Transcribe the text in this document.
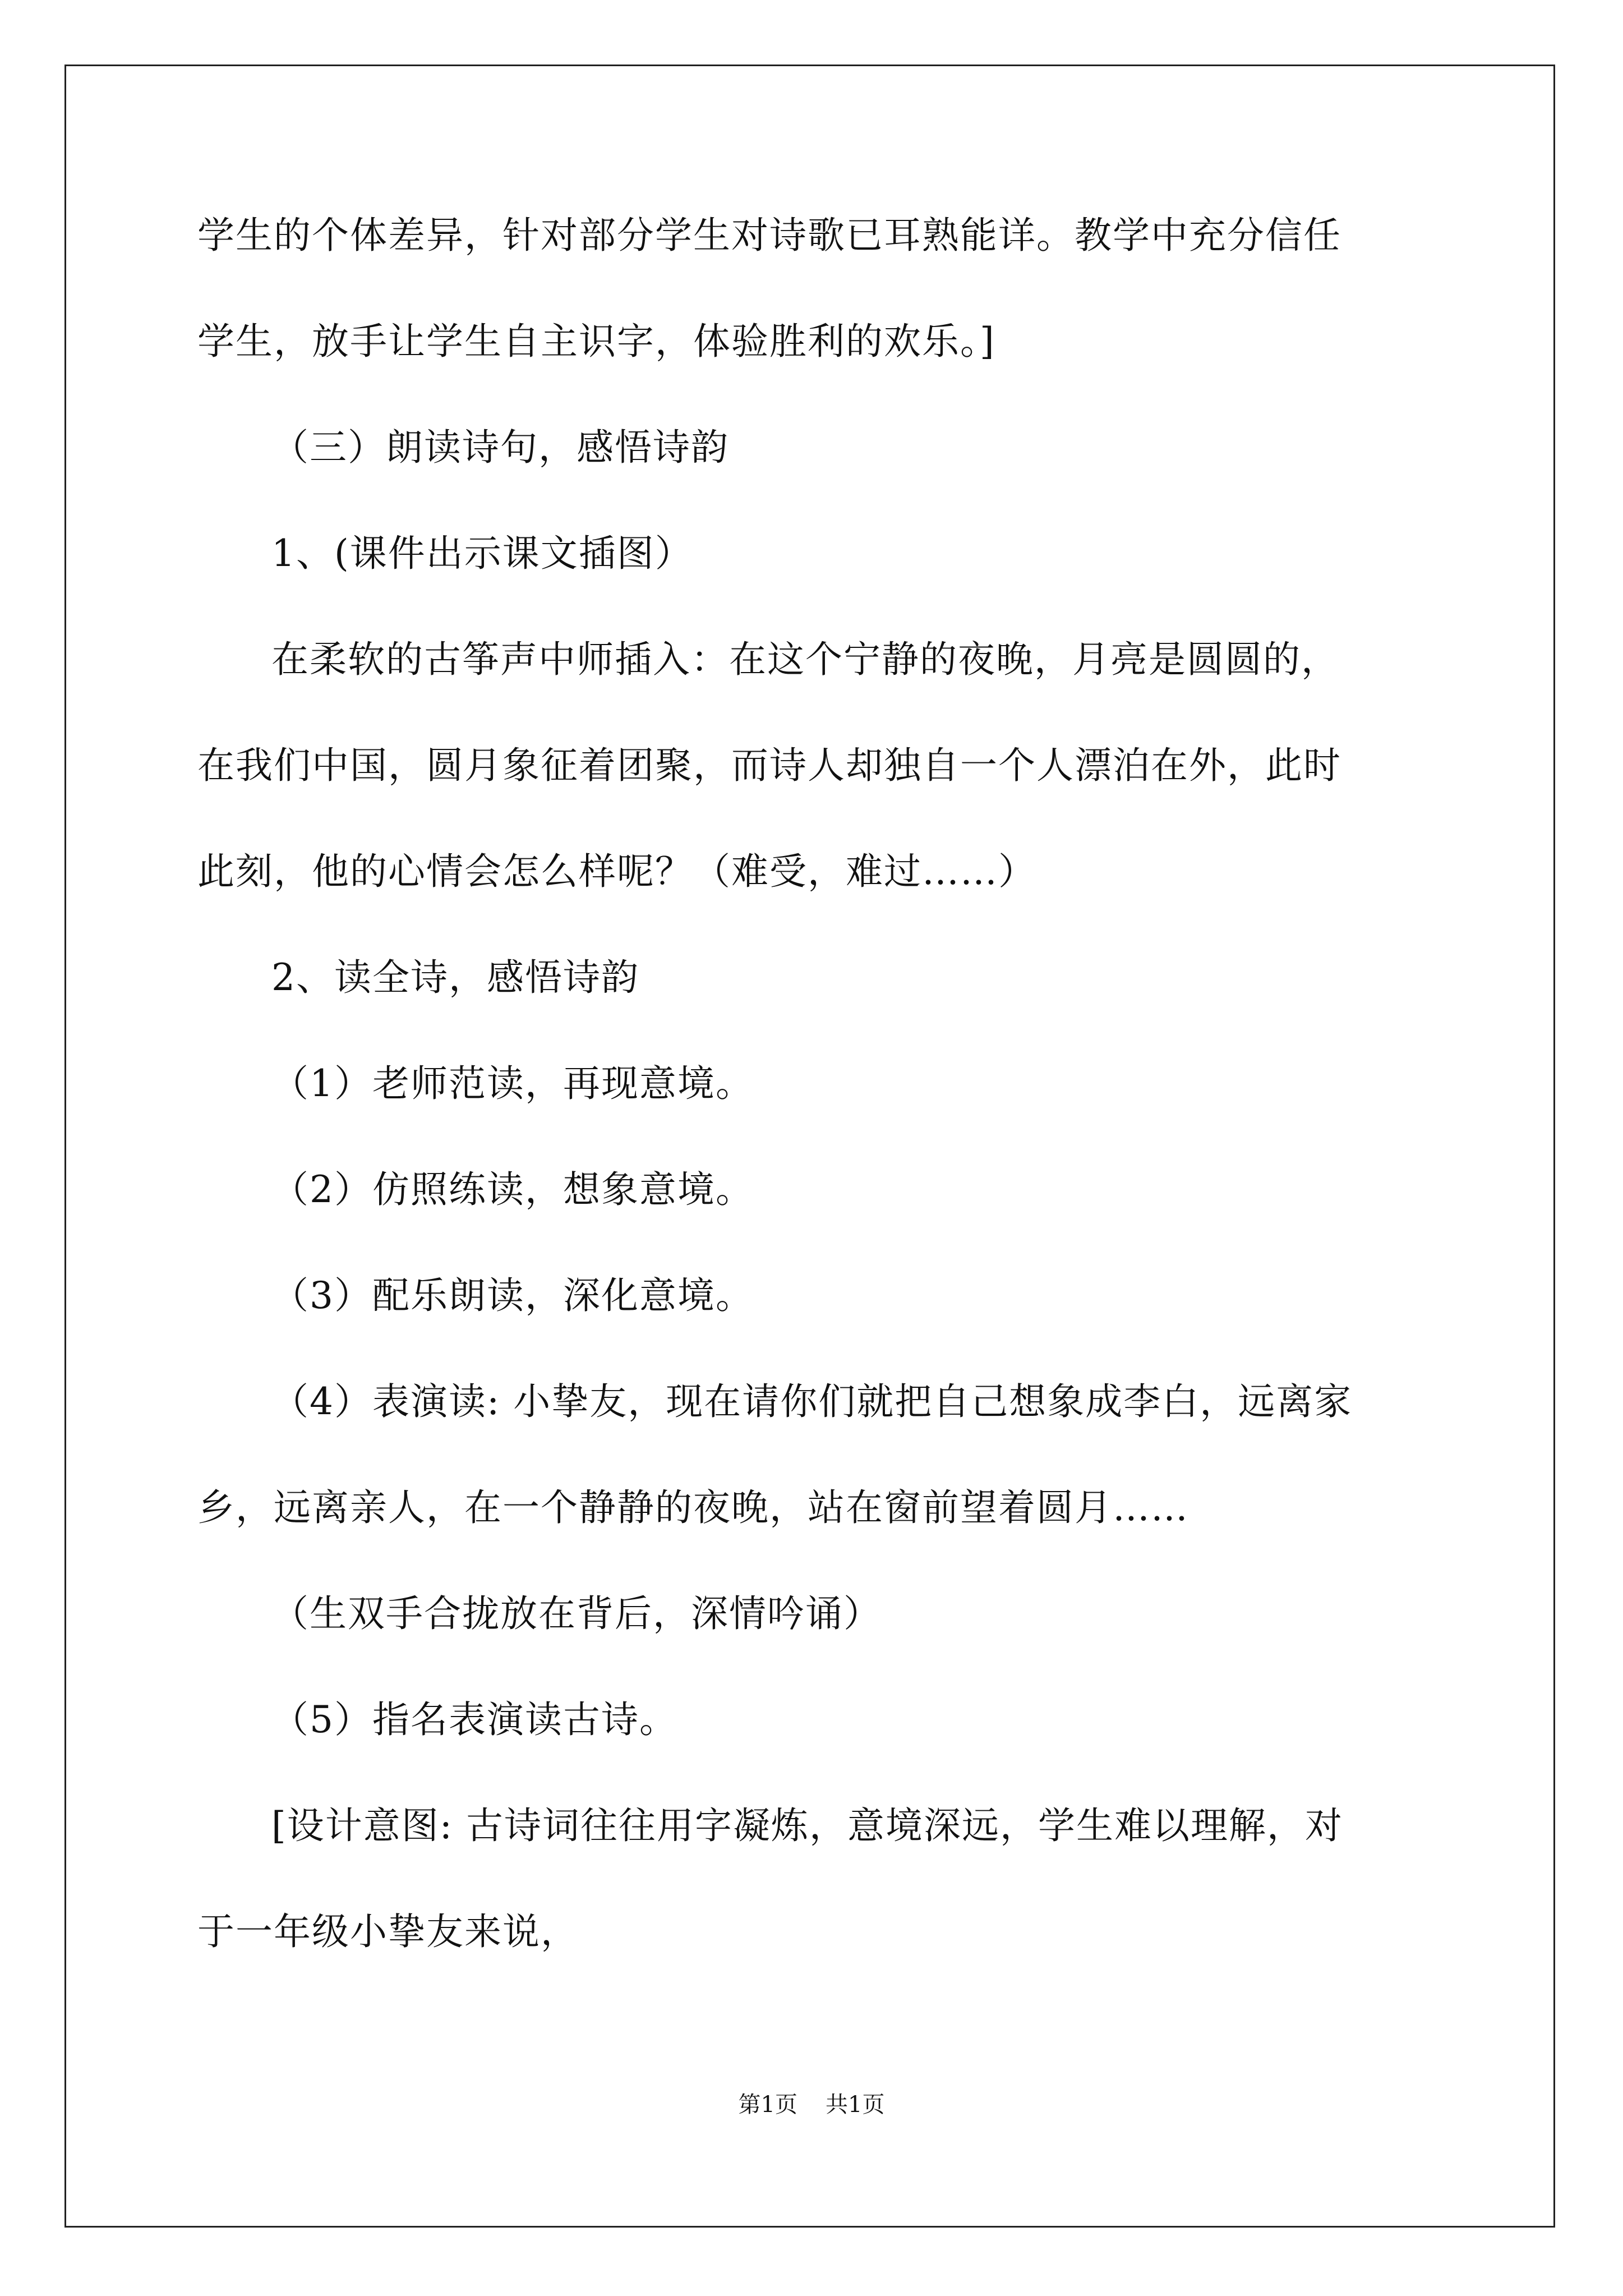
学生的个体差异，针对部分学生对诗歌已耳熟能详。教学中充分信任
学生，放手让学生自主识字，体验胜利的欢乐。]
（三）朗读诗句，感悟诗韵
1、(课件出示课文插图）
在柔软的古筝声中师插入：在这个宁静的夜晚，月亮是圆圆的，
在我们中国，圆月象征着团聚，而诗人却独自一个人漂泊在外，此时
此刻，他的心情会怎么样呢？（难受，难过……）
2、读全诗，感悟诗韵
（1）老师范读，再现意境。
（2）仿照练读，想象意境。
（3）配乐朗读，深化意境。
（4）表演读: 小挚友，现在请你们就把自己想象成李白，远离家
乡，远离亲人，在一个静静的夜晚，站在窗前望着圆月……
（生双手合拢放在背后，深情吟诵）
（5）指名表演读古诗。
[设计意图: 古诗词往往用字凝炼，意境深远，学生难以理解，对
于一年级小挚友来说，
第1页 共1页
